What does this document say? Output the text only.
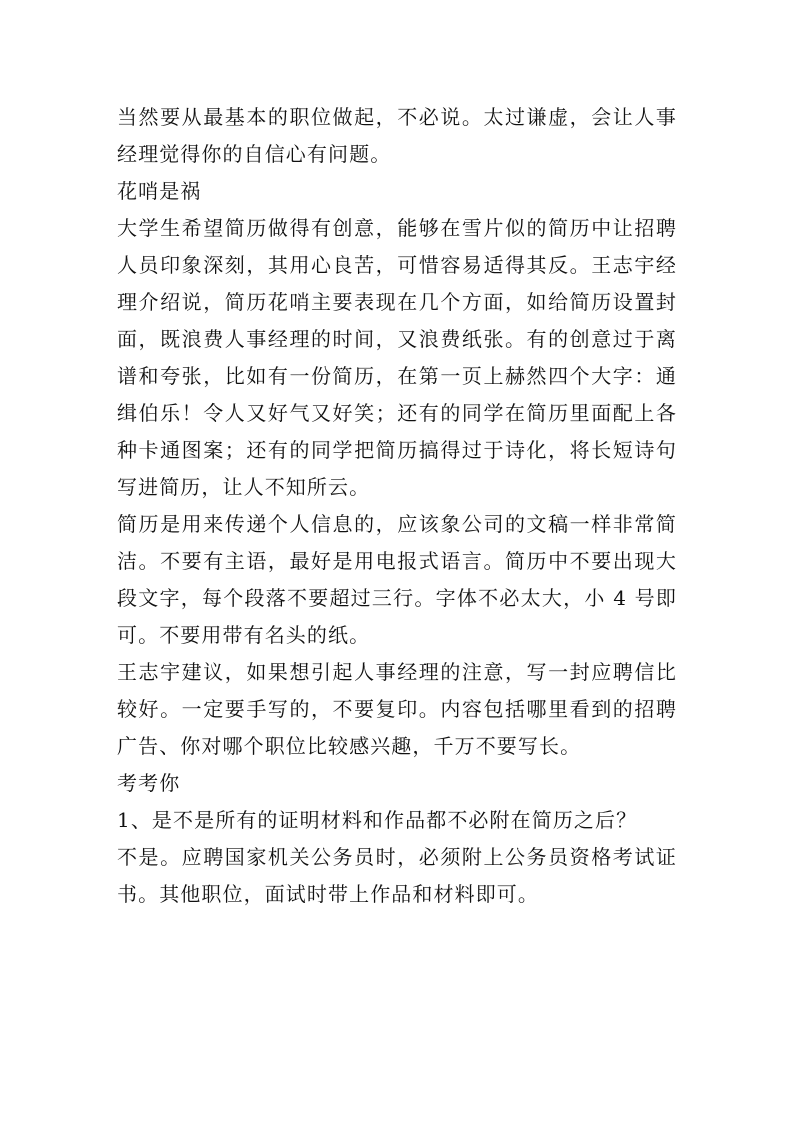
当然要从最基本的职位做起，不必说。太过谦虚，会让人事经理觉得你的自信心有问题。

花哨是祸

大学生希望简历做得有创意，能够在雪片似的简历中让招聘人员印象深刻，其用心良苦，可惜容易适得其反。王志宇经理介绍说，简历花哨主要表现在几个方面，如给简历设置封面，既浪费人事经理的时间，又浪费纸张。有的创意过于离谱和夸张，比如有一份简历，在第一页上赫然四个大字：通缉伯乐！令人又好气又好笑；还有的同学在简历里面配上各种卡通图案；还有的同学把简历搞得过于诗化，将长短诗句写进简历，让人不知所云。

简历是用来传递个人信息的，应该象公司的文稿一样非常简洁。不要有主语，最好是用电报式语言。简历中不要出现大段文字，每个段落不要超过三行。字体不必太大，小 4 号即可。不要用带有名头的纸。

王志宇建议，如果想引起人事经理的注意，写一封应聘信比较好。一定要手写的，不要复印。内容包括哪里看到的招聘广告、你对哪个职位比较感兴趣，千万不要写长。

考考你

1、是不是所有的证明材料和作品都不必附在简历之后？

不是。应聘国家机关公务员时，必须附上公务员资格考试证书。其他职位，面试时带上作品和材料即可。
